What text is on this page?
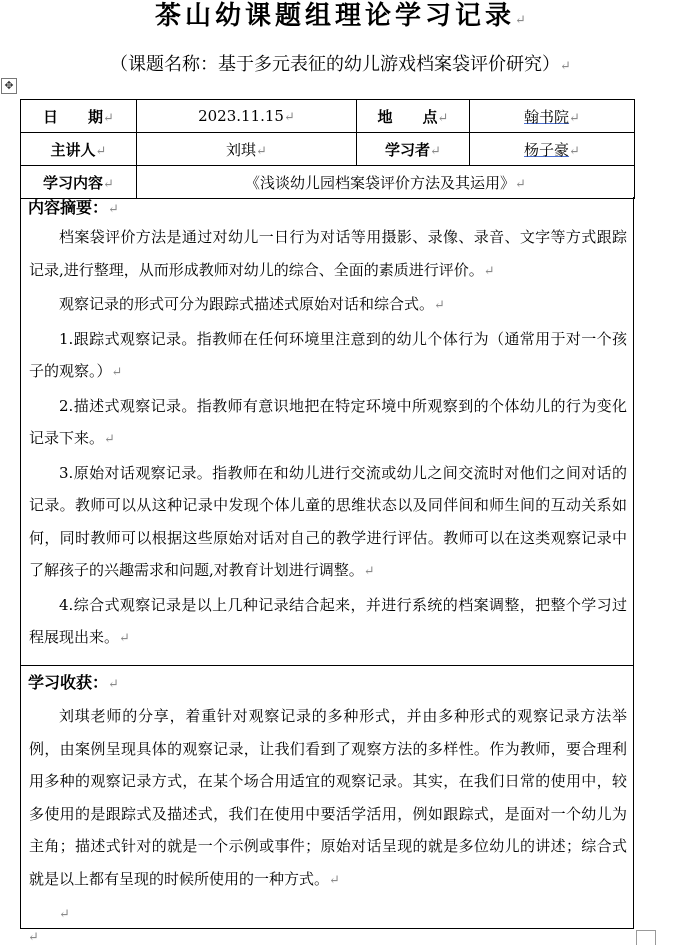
茶山幼课题组理论学习记录↵
（课题名称：基于多元表征的幼儿游戏档案袋评价研究）↵
✥
日　　期↵	2023.11.15↵	地　　点↵	翰书院↵
主讲人↵	刘琪↵	学习者↵	杨子豪↵
学习内容↵	《浅谈幼儿园档案袋评价方法及其运用》↵		
内容摘要：↵

档案袋评价方法是通过对幼儿一日行为对话等用摄影、录像、录音、文字等方式跟踪记录,进行整理，从而形成教师对幼儿的综合、全面的素质进行评价。↵

观察记录的形式可分为跟踪式描述式原始对话和综合式。↵

1.跟踪式观察记录。指教师在任何环境里注意到的幼儿个体行为（通常用于对一个孩子的观察。）↵

2.描述式观察记录。指教师有意识地把在特定环境中所观察到的个体幼儿的行为变化记录下来。↵

3.原始对话观察记录。指教师在和幼儿进行交流或幼儿之间交流时对他们之间对话的记录。教师可以从这种记录中发现个体儿童的思维状态以及同伴间和师生间的互动关系如何，同时教师可以根据这些原始对话对自己的教学进行评估。教师可以在这类观察记录中了解孩子的兴趣需求和问题,对教育计划进行调整。↵

4.综合式观察记录是以上几种记录结合起来，并进行系统的档案调整，把整个学习过程展现出来。↵

学习收获：↵

刘琪老师的分享，着重针对观察记录的多种形式，并由多种形式的观察记录方法举例，由案例呈现具体的观察记录，让我们看到了观察方法的多样性。作为教师，要合理利用多种的观察记录方式，在某个场合用适宜的观察记录。其实，在我们日常的使用中，较多使用的是跟踪式及描述式，我们在使用中要活学活用，例如跟踪式，是面对一个幼儿为主角；描述式针对的就是一个示例或事件；原始对话呈现的就是多位幼儿的讲述；综合式就是以上都有呈现的时候所使用的一种方式。↵

↵

↵
